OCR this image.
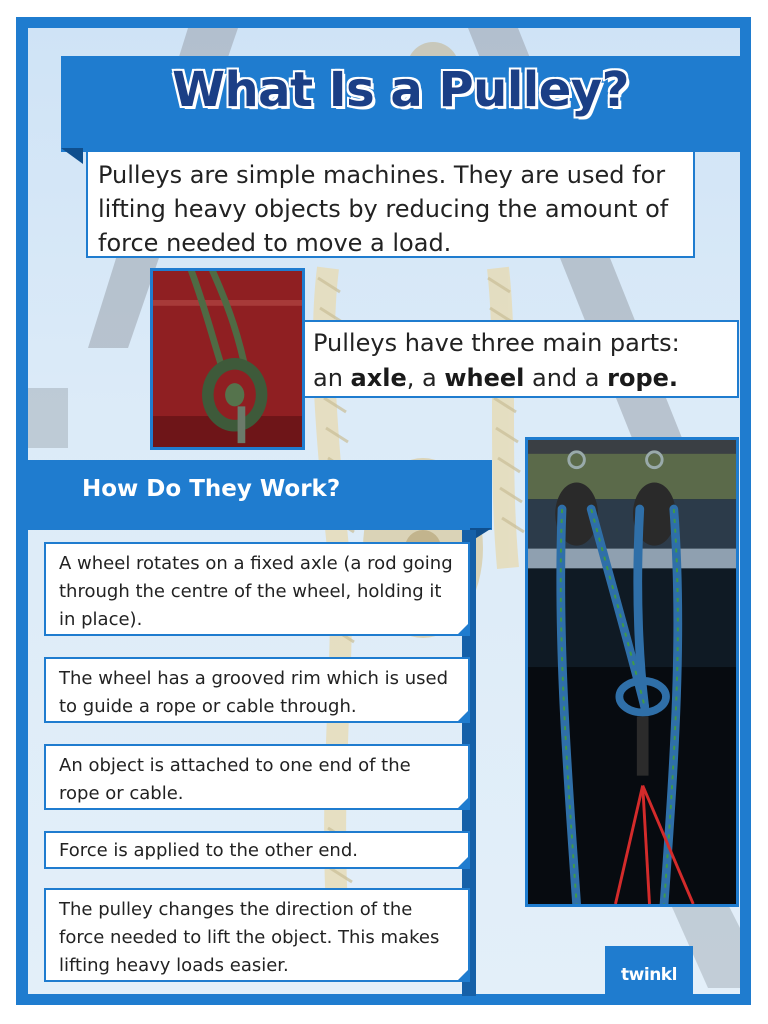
What Is a Pulley?
Pulleys are simple machines. They are used for lifting heavy objects by reducing the amount of force needed to move a load.
Pulleys have three main parts:
an axle, a wheel and a rope.
How Do They Work?
A wheel rotates on a fixed axle (a rod going through the centre of the wheel, holding it in place).
The wheel has a grooved rim which is used to guide a rope or cable through.
An object is attached to one end of the rope or cable.
Force is applied to the other end.
The pulley changes the direction of the force needed to lift the object. This makes lifting heavy loads easier.	twinkl
